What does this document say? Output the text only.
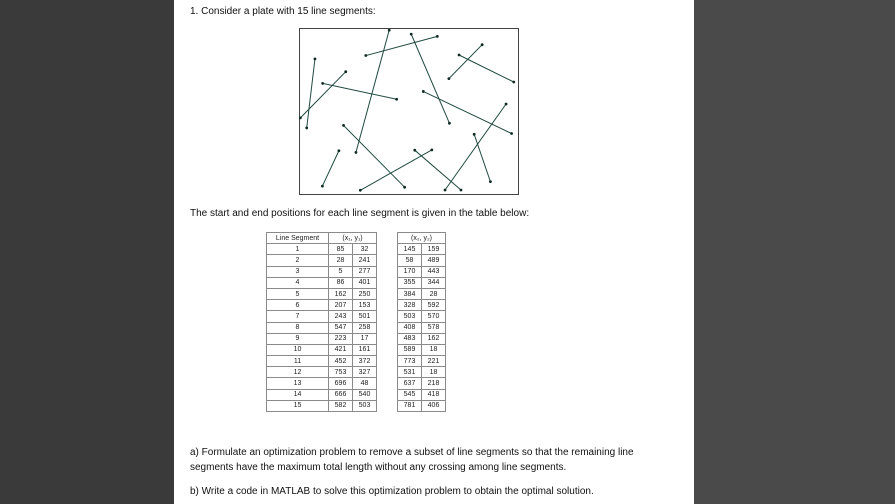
1. Consider a plate with 15 line segments:
The start and end positions for each line segment is given in the table below:
Line Segment	(x₁, y₁)			(x₂, y₂)	
1	85	32		145	159
2	28	241		58	489
3	5	277		170	443
4	86	401		355	344
5	162	250		384	28
6	207	153		328	592
7	243	501		503	570
8	547	258		408	578
9	223	17		483	162
10	421	161		589	18
11	452	372		773	221
12	753	327		531	18
13	696	48		637	218
14	666	540		545	418
15	582	503		781	406
a) Formulate an optimization problem to remove a subset of line segments so that the remaining line segments have the maximum total length without any crossing among line segments.
b) Write a code in MATLAB to solve this optimization problem to obtain the optimal solution.
